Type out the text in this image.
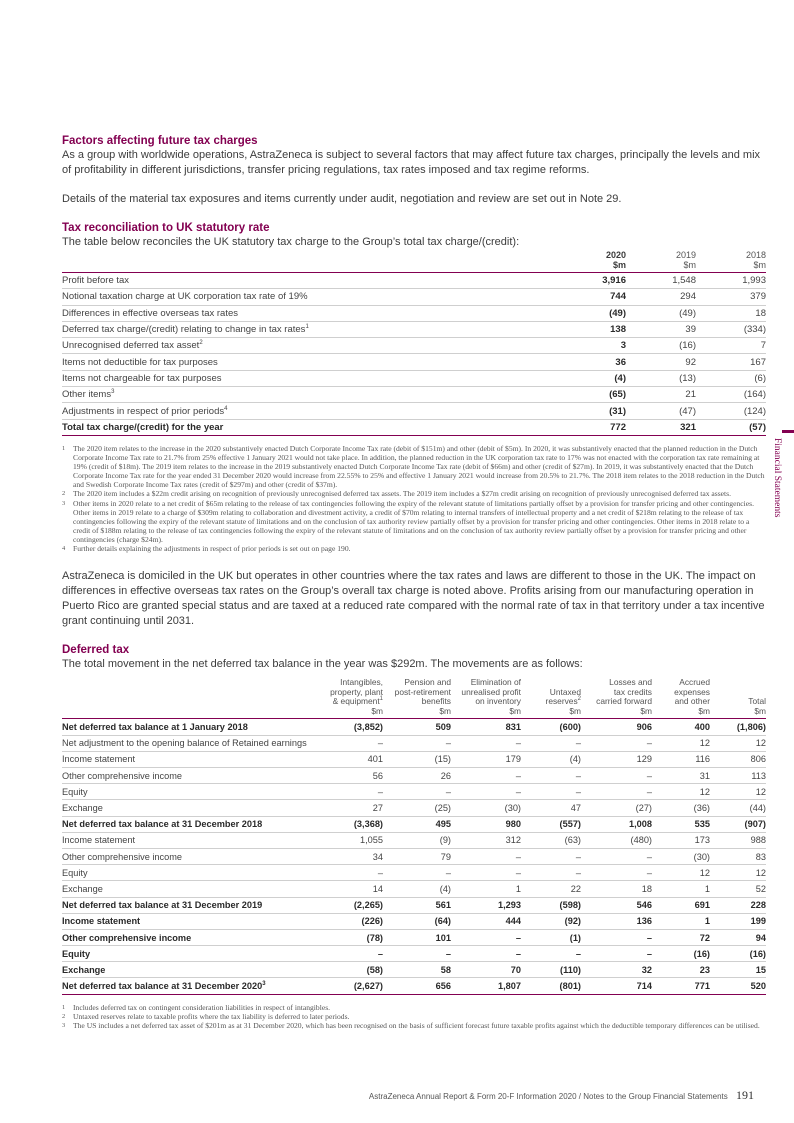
Factors affecting future tax charges

As a group with worldwide operations, AstraZeneca is subject to several factors that may affect future tax charges, principally the levels and mix of profitability in different jurisdictions, transfer pricing regulations, tax rates imposed and tax regime reforms.

Details of the material tax exposures and items currently under audit, negotiation and review are set out in Note 29.

Tax reconciliation to UK statutory rate

The table below reconciles the UK statutory tax charge to the Group’s total tax charge/(credit):

	2020
$m	2019
$m	2018
$m
Profit before tax	3,916	1,548	1,993
Notional taxation charge at UK corporation tax rate of 19%	744	294	379
Differences in effective overseas tax rates	(49)	(49)	18
Deferred tax charge/(credit) relating to change in tax rates$^1$	138	39	(334)
Unrecognised deferred tax asset$^2$	3	(16)	7
Items not deductible for tax purposes	36	92	167
Items not chargeable for tax purposes	(4)	(13)	(6)
Other items$^3$	(65)	21	(164)
Adjustments in respect of prior periods$^4$	(31)	(47)	(124)
Total tax charge/(credit) for the year	772	321	(57)
1 The 2020 item relates to the increase in the 2020 substantively enacted Dutch Corporate Income Tax rate (debit of $151m) and other (debit of $5m). In 2020, it was substantively enacted that the planned reduction in the Dutch Corporate Income Tax rate to 21.7% from 25% effective 1 January 2021 would not take place. In addition, the planned reduction in the UK corporation tax rate to 17% was not enacted with the corporation tax rate remaining at 19% (credit of $18m). The 2019 item relates to the increase in the 2019 substantively enacted Dutch Corporate Income Tax rate (debit of $66m) and other (credit of $27m). In 2019, it was substantively enacted that the Dutch Corporate Income Tax rate for the year ended 31 December 2020 would increase from 22.55% to 25% and effective 1 January 2021 would increase from 20.5% to 21.7%. The 2018 item relates to the 2018 reduction in the Dutch and Swedish Corporate Income Tax rates (credit of $297m) and other (credit of $37m).
2 The 2020 item includes a $22m credit arising on recognition of previously unrecognised deferred tax assets. The 2019 item includes a $27m credit arising on recognition of previously unrecognised deferred tax assets.
3 Other items in 2020 relate to a net credit of $65m relating to the release of tax contingencies following the expiry of the relevant statute of limitations partially offset by a provision for transfer pricing and other contingencies. Other items in 2019 relate to a charge of $309m relating to collaboration and divestment activity, a credit of $70m relating to internal transfers of intellectual property and a net credit of $218m relating to the release of tax contingencies following the expiry of the relevant statute of limitations and on the conclusion of tax authority review partially offset by a provision for transfer pricing and other contingencies. Other items in 2018 relate to a credit of $188m relating to the release of tax contingencies following the expiry of the relevant statute of limitations and on the conclusion of tax authority review partially offset by a provision for transfer pricing and other contingencies (charge $24m).
4 Further details explaining the adjustments in respect of prior periods is set out on page 190.

AstraZeneca is domiciled in the UK but operates in other countries where the tax rates and laws are different to those in the UK. The impact on differences in effective overseas tax rates on the Group’s overall tax charge is noted above. Profits arising from our manufacturing operation in Puerto Rico are granted special status and are taxed at a reduced rate compared with the normal rate of tax in that territory under a tax incentive grant continuing until 2031.

Deferred tax

The total movement in the net deferred tax balance in the year was $292m. The movements are as follows:

	Intangibles,
property, plant
& equipment$^1$
$m	Pension and
post-retirement
benefits
$m	Elimination of
unrealised profit
on inventory
$m	Untaxed
reserves$^2$
$m	Losses and
tax credits
carried forward
$m	Accrued
expenses
and other
$m	Total
$m
Net deferred tax balance at 1 January 2018	(3,852)	509	831	(600)	906	400	(1,806)
Net adjustment to the opening balance of Retained earnings	–	–	–	–	–	12	12
Income statement	401	(15)	179	(4)	129	116	806
Other comprehensive income	56	26	–	–	–	31	113
Equity	–	–	–	–	–	12	12
Exchange	27	(25)	(30)	47	(27)	(36)	(44)
Net deferred tax balance at 31 December 2018	(3,368)	495	980	(557)	1,008	535	(907)
Income statement	1,055	(9)	312	(63)	(480)	173	988
Other comprehensive income	34	79	–	–	–	(30)	83
Equity	–	–	–	–	–	12	12
Exchange	14	(4)	1	22	18	1	52
Net deferred tax balance at 31 December 2019	(2,265)	561	1,293	(598)	546	691	228
Income statement	(226)	(64)	444	(92)	136	1	199
Other comprehensive income	(78)	101	–	(1)	–	72	94
Equity	–	–	–	–	–	(16)	(16)
Exchange	(58)	58	70	(110)	32	23	15
Net deferred tax balance at 31 December 2020$^3$	(2,627)	656	1,807	(801)	714	771	520
1 Includes deferred tax on contingent consideration liabilities in respect of intangibles.
2 Untaxed reserves relate to taxable profits where the tax liability is deferred to later periods.
3 The US includes a net deferred tax asset of $201m as at 31 December 2020, which has been recognised on the basis of sufficient forecast future taxable profits against which the deductible temporary differences can be utilised.
Financial Statements
AstraZeneca Annual Report & Form 20-F Information 2020 / Notes to the Group Financial Statements 191
